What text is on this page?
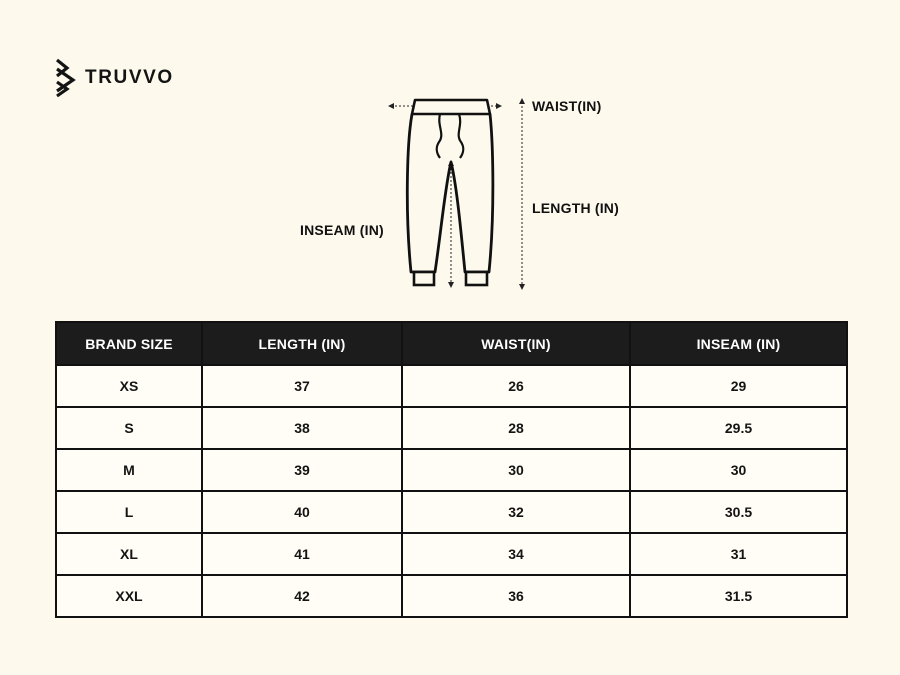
TRUVVO
WAIST(IN)
LENGTH (IN)
INSEAM (IN)
BRAND SIZE	LENGTH (IN)	WAIST(IN)	INSEAM (IN)
XS	37	26	29
S	38	28	29.5
M	39	30	30
L	40	32	30.5
XL	41	34	31
XXL	42	36	31.5
